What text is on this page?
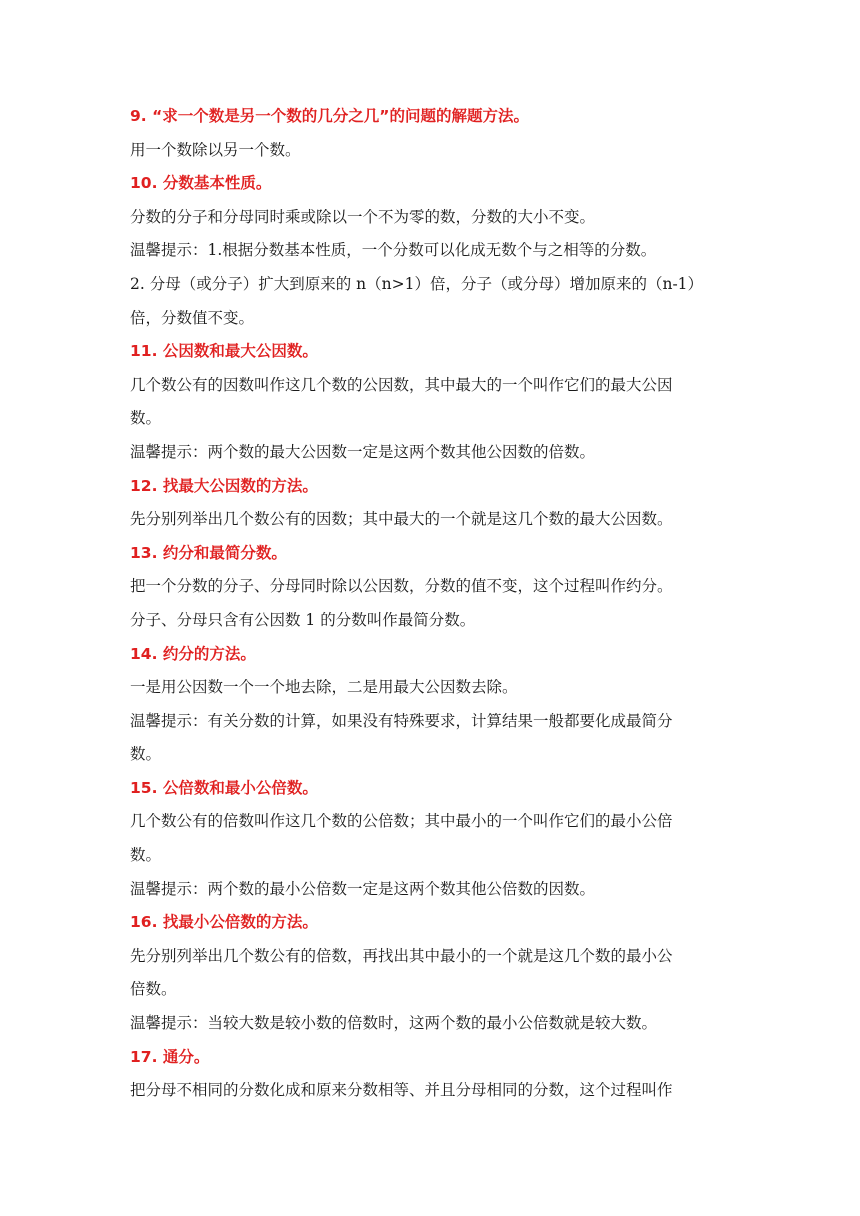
9. “求一个数是另一个数的几分之几”的问题的解题方法。
用一个数除以另一个数。
10. 分数基本性质。
分数的分子和分母同时乘或除以一个不为零的数，分数的大小不变。
温馨提示：1.根据分数基本性质，一个分数可以化成无数个与之相等的分数。
2. 分母（或分子）扩大到原来的 n（n>1）倍，分子（或分母）增加原来的（n-1）
倍，分数值不变。
11. 公因数和最大公因数。
几个数公有的因数叫作这几个数的公因数，其中最大的一个叫作它们的最大公因
数。
温馨提示：两个数的最大公因数一定是这两个数其他公因数的倍数。
12. 找最大公因数的方法。
先分别列举出几个数公有的因数；其中最大的一个就是这几个数的最大公因数。
13. 约分和最简分数。
把一个分数的分子、分母同时除以公因数，分数的值不变，这个过程叫作约分。
分子、分母只含有公因数 1 的分数叫作最简分数。
14. 约分的方法。
一是用公因数一个一个地去除，二是用最大公因数去除。
温馨提示：有关分数的计算，如果没有特殊要求，计算结果一般都要化成最简分
数。
15. 公倍数和最小公倍数。
几个数公有的倍数叫作这几个数的公倍数；其中最小的一个叫作它们的最小公倍
数。
温馨提示：两个数的最小公倍数一定是这两个数其他公倍数的因数。
16. 找最小公倍数的方法。
先分别列举出几个数公有的倍数，再找出其中最小的一个就是这几个数的最小公
倍数。
温馨提示：当较大数是较小数的倍数时，这两个数的最小公倍数就是较大数。
17. 通分。
把分母不相同的分数化成和原来分数相等、并且分母相同的分数，这个过程叫作
